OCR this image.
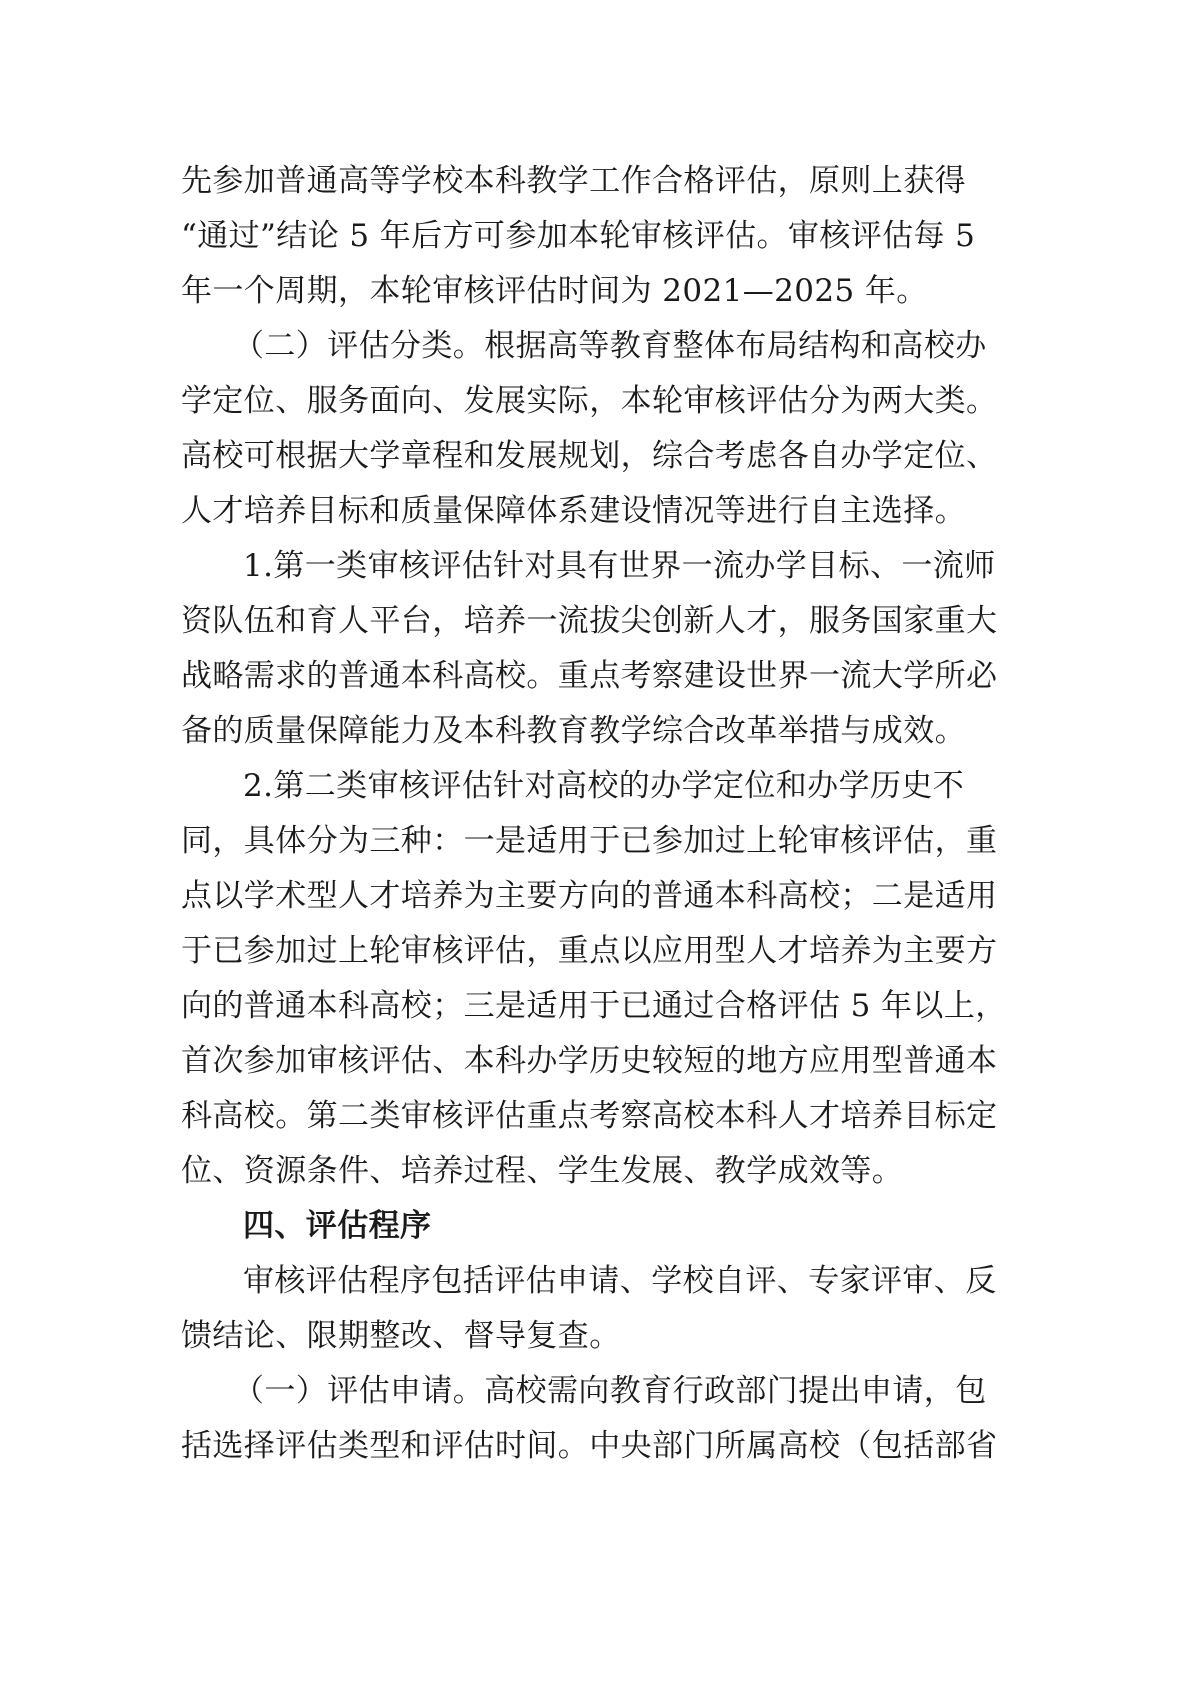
先参加普通高等学校本科教学工作合格评估，原则上获得
“通过”结论 5 年后方可参加本轮审核评估。审核评估每 5
年一个周期，本轮审核评估时间为 2021—2025 年。
（二）评估分类。根据高等教育整体布局结构和高校办
学定位、服务面向、发展实际，本轮审核评估分为两大类。
高校可根据大学章程和发展规划，综合考虑各自办学定位、
人才培养目标和质量保障体系建设情况等进行自主选择。
1.第一类审核评估针对具有世界一流办学目标、一流师
资队伍和育人平台，培养一流拔尖创新人才，服务国家重大
战略需求的普通本科高校。重点考察建设世界一流大学所必
备的质量保障能力及本科教育教学综合改革举措与成效。
2.第二类审核评估针对高校的办学定位和办学历史不
同，具体分为三种：一是适用于已参加过上轮审核评估，重
点以学术型人才培养为主要方向的普通本科高校；二是适用
于已参加过上轮审核评估，重点以应用型人才培养为主要方
向的普通本科高校；三是适用于已通过合格评估 5 年以上，
首次参加审核评估、本科办学历史较短的地方应用型普通本
科高校。第二类审核评估重点考察高校本科人才培养目标定
位、资源条件、培养过程、学生发展、教学成效等。
四、评估程序
审核评估程序包括评估申请、学校自评、专家评审、反
馈结论、限期整改、督导复查。
（一）评估申请。高校需向教育行政部门提出申请，包
括选择评估类型和评估时间。中央部门所属高校（包括部省
